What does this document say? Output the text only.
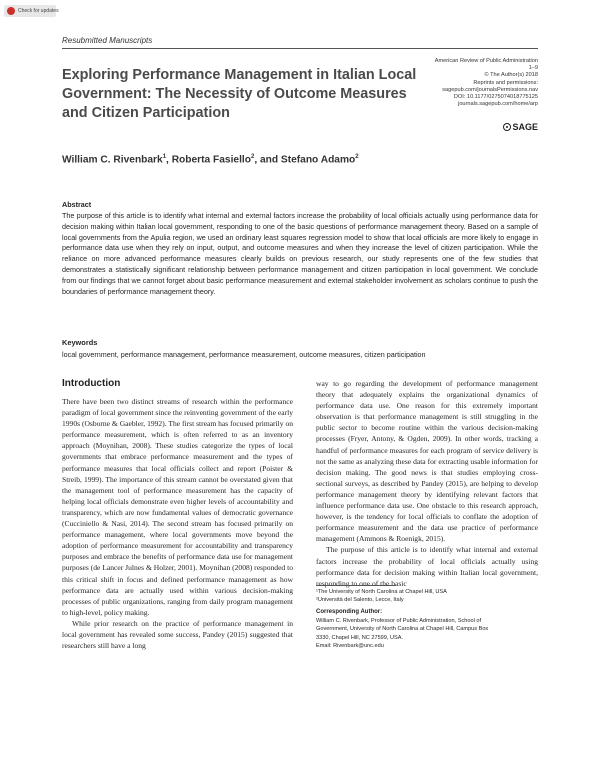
Check for updates
Resubmitted Manuscripts
Exploring Performance Management in Italian Local Government: The Necessity of Outcome Measures and Citizen Participation
American Review of Public Administration
1–9
© The Author(s) 2018
Reprints and permissions:
sagepub.com/journalsPermissions.nav
DOI: 10.1177/0275074018775125
journals.sagepub.com/home/arp
SAGE
William C. Rivenbark$^1$, Roberta Fasiello$^2$, and Stefano Adamo$^2$
Abstract

The purpose of this article is to identify what internal and external factors increase the probability of local officials actually using performance data for decision making within Italian local government, responding to one of the basic questions of performance management theory. Based on a sample of local governments from the Apulia region, we used an ordinary least squares regression model to show that local officials are more likely to engage in performance data use when they rely on input, output, and outcome measures and when they increase the level of citizen participation. While the reliance on more advanced performance measures clearly builds on previous research, our study represents one of the few studies that demonstrates a statistically significant relationship between performance management and citizen participation in local government. We conclude from our findings that we cannot forget about basic performance measurement and external stakeholder involvement as scholars continue to push the boundaries of performance management theory.

Keywords
local government, performance management, performance measurement, outcome measures, citizen participation
Introduction

There have been two distinct streams of research within the performance paradigm of local government since the reinventing government of the early 1990s (Osborne & Gaebler, 1992). The first stream has focused primarily on performance measurement, which is often referred to as an inventory approach (Moynihan, 2008). These studies categorize the types of local governments that embrace performance measurement and the types of performance measures that local officials collect and report (Poister & Streib, 1999). The importance of this stream cannot be overstated given that the management tool of performance measurement has the capacity of helping local officials demonstrate even higher levels of accountability and transparency, which are now fundamental values of democratic governance (Cucciniello & Nasi, 2014). The second stream has focused primarily on performance management, where local governments move beyond the adoption of performance measurement for accountability and transparency purposes and embrace the benefits of performance data use for management purposes (de Lancer Julnes & Holzer, 2001). Moynihan (2008) responded to this critical shift in focus and defined performance management as how performance data are actually used within various decision-making processes of public organizations, ranging from daily program management to high-level, policy making.

While prior research on the practice of performance management in local government has revealed some success, Pandey (2015) suggested that researchers still have a long

way to go regarding the development of performance management theory that adequately explains the organizational dynamics of performance data use. One reason for this extremely important observation is that performance management is still struggling in the public sector to become routine within the various decision-making processes (Fryer, Antony, & Ogden, 2009). In other words, tracking a handful of performance measures for each program of service delivery is not the same as analyzing these data for extracting usable information for decision making. The good news is that studies employing cross-sectional surveys, as described by Pandey (2015), are helping to develop performance management theory by identifying relevant factors that influence performance data use. One obstacle to this research approach, however, is the tendency for local officials to conflate the adoption of performance measurement and the data use practice of performance management (Ammons & Roenigk, 2015).

The purpose of this article is to identify what internal and external factors increase the probability of local officials actually using performance data for decision making within Italian local government, responding to one of the basic

¹The University of North Carolina at Chapel Hill, USA
²Università del Salento, Lecce, Italy
Corresponding Author:
William C. Rivenbark, Professor of Public Administration, School of
Government, University of North Carolina at Chapel Hill, Campus Box
3330, Chapel Hill, NC 27599, USA.
Email: Rivenbark@unc.edu
